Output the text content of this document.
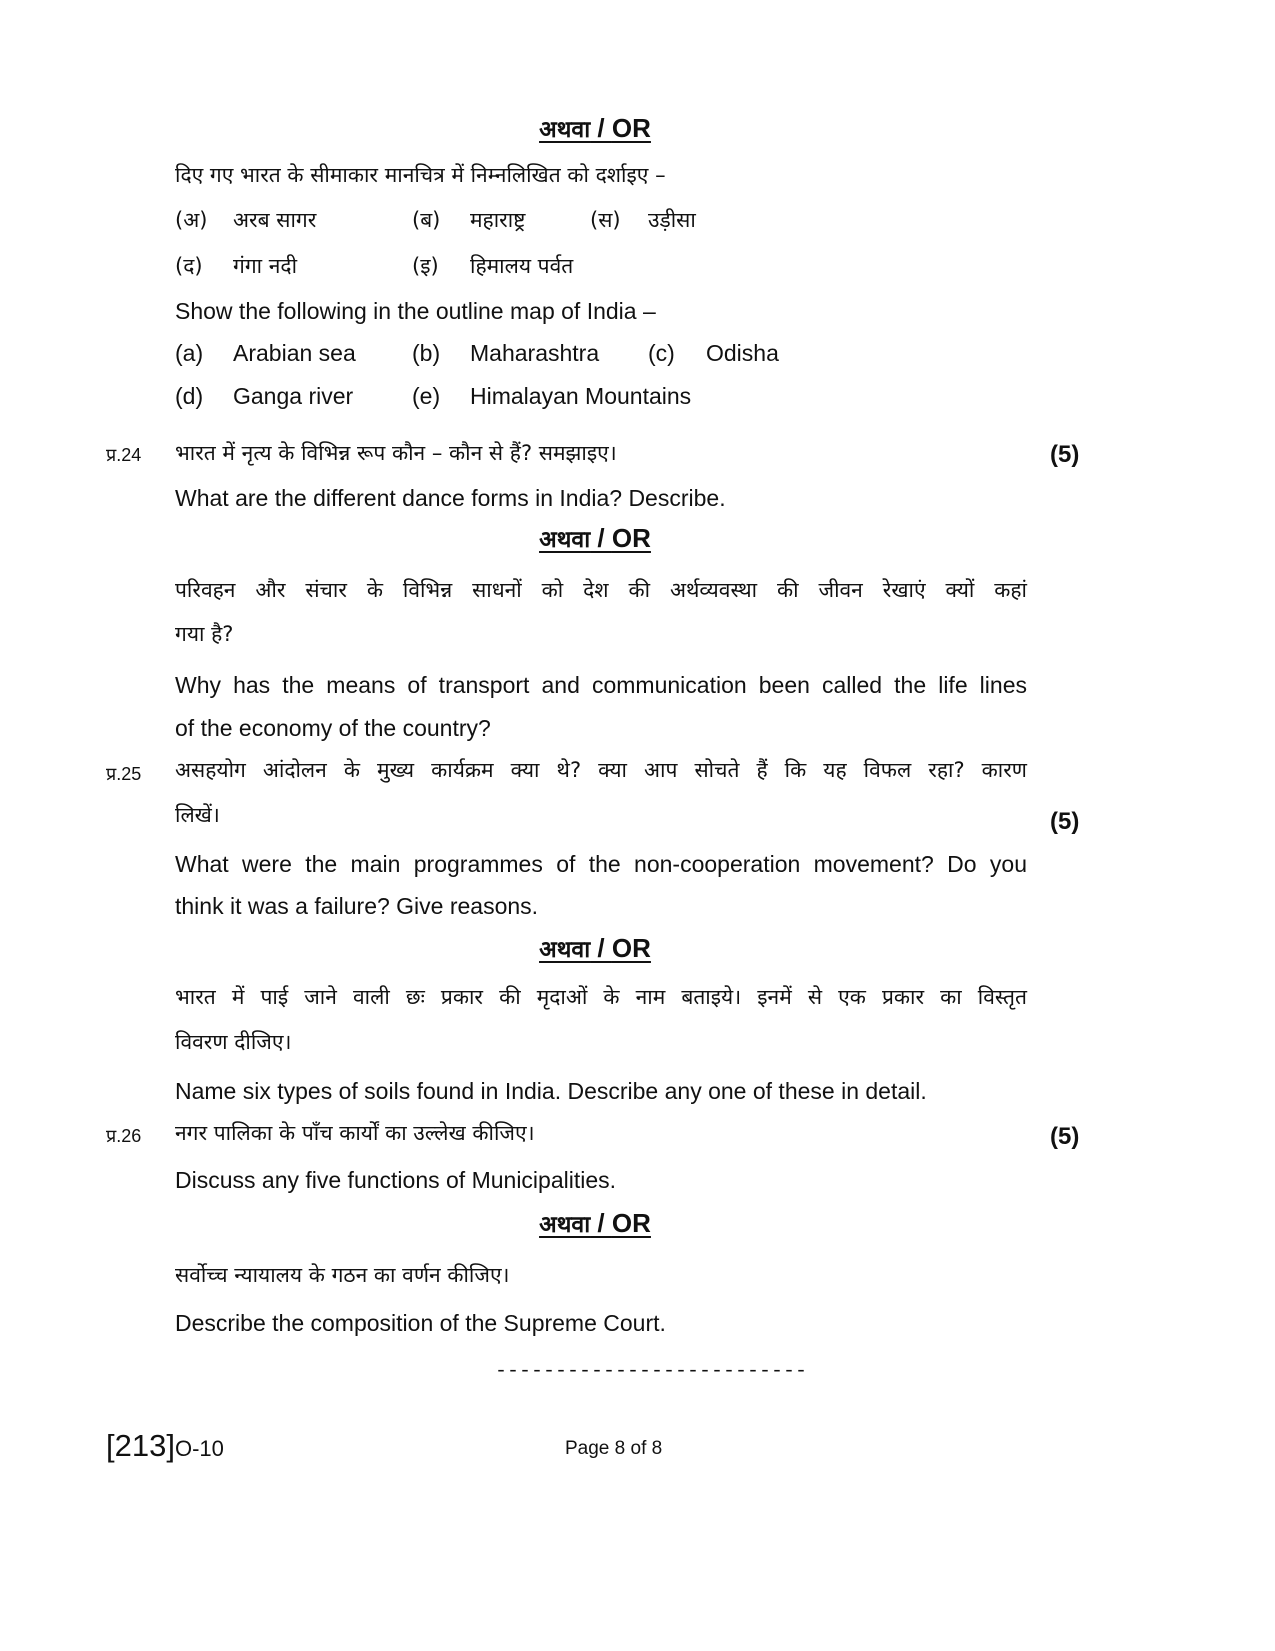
अथवा / OR
दिए गए भारत के सीमाकार मानचित्र में निम्नलिखित को दर्शाइए –
(अ) अरब सागर	(ब) महाराष्ट्र	(स) उड़ीसा
(द) गंगा नदी	(इ) हिमालय पर्वत
Show the following in the outline map of India –
(a) Arabian sea (b) Maharashtra (c) Odisha
(d) Ganga river	(e) Himalayan Mountains
प्र.24 भारत में नृत्य के विभिन्न रूप कौन – कौन से हैं? समझाइए।	(5)
What are the different dance forms in India? Describe.
अथवा / OR
परिवहन और संचार के विभिन्न साधनों को देश की अर्थव्यवस्था की जीवन रेखाएं क्यों कहां
गया है?
Why has the means of transport and communication been called the life lines
of the economy of the country?
प्र.25 असहयोग आंदोलन के मुख्य कार्यक्रम क्या थे? क्या आप सोचते हैं कि यह विफल रहा? कारण
लिखें।	(5)
What were the main programmes of the non-cooperation movement? Do you
think it was a failure? Give reasons.
अथवा / OR
भारत में पाई जाने वाली छः प्रकार की मृदाओं के नाम बताइये। इनमें से एक प्रकार का विस्तृत
विवरण दीजिए।
Name six types of soils found in India. Describe any one of these in detail.
प्र.26 नगर पालिका के पाँच कार्यों का उल्लेख कीजिए।	(5)
Discuss any five functions of Municipalities.
अथवा / OR
सर्वोच्च न्यायालय के गठन का वर्णन कीजिए।
Describe the composition of the Supreme Court.
--------------------------
[213]O-10	Page 8 of 8
